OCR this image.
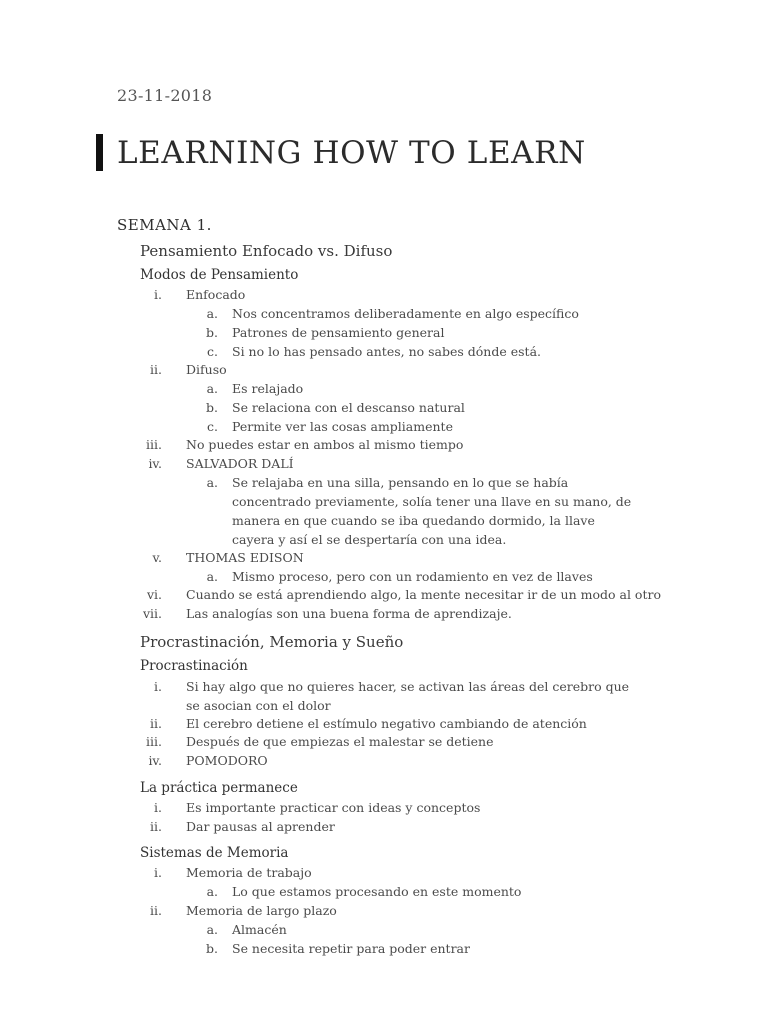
23-11-2018
LEARNING HOW TO LEARN
SEMANA 1.
Pensamiento Enfocado vs. Difuso
Modos de Pensamiento
i. Enfocado
a. Nos concentramos deliberadamente en algo específico
b. Patrones de pensamiento general
c. Si no lo has pensado antes, no sabes dónde está.
ii. Difuso
a. Es relajado
b. Se relaciona con el descanso natural
c. Permite ver las cosas ampliamente
iii. No puedes estar en ambos al mismo tiempo
iv. SALVADOR DALÍ
a. Se relajaba en una silla, pensando en lo que se había concentrado previamente, solía tener una llave en su mano, de manera en que cuando se iba quedando dormido, la llave cayera y así el se despertaría con una idea.
v. THOMAS EDISON
a. Mismo proceso, pero con un rodamiento en vez de llaves
vi. Cuando se está aprendiendo algo, la mente necesitar ir de un modo al otro
vii. Las analogías son una buena forma de aprendizaje.
Procrastinación, Memoria y Sueño
Procrastinación
i. Si hay algo que no quieres hacer, se activan las áreas del cerebro que se asocian con el dolor
ii. El cerebro detiene el estímulo negativo cambiando de atención
iii. Después de que empiezas el malestar se detiene
iv. POMODORO
La práctica permanece
i. Es importante practicar con ideas y conceptos
ii. Dar pausas al aprender
Sistemas de Memoria
i. Memoria de trabajo
a. Lo que estamos procesando en este momento
ii. Memoria de largo plazo
a. Almacén
b. Se necesita repetir para poder entrar
